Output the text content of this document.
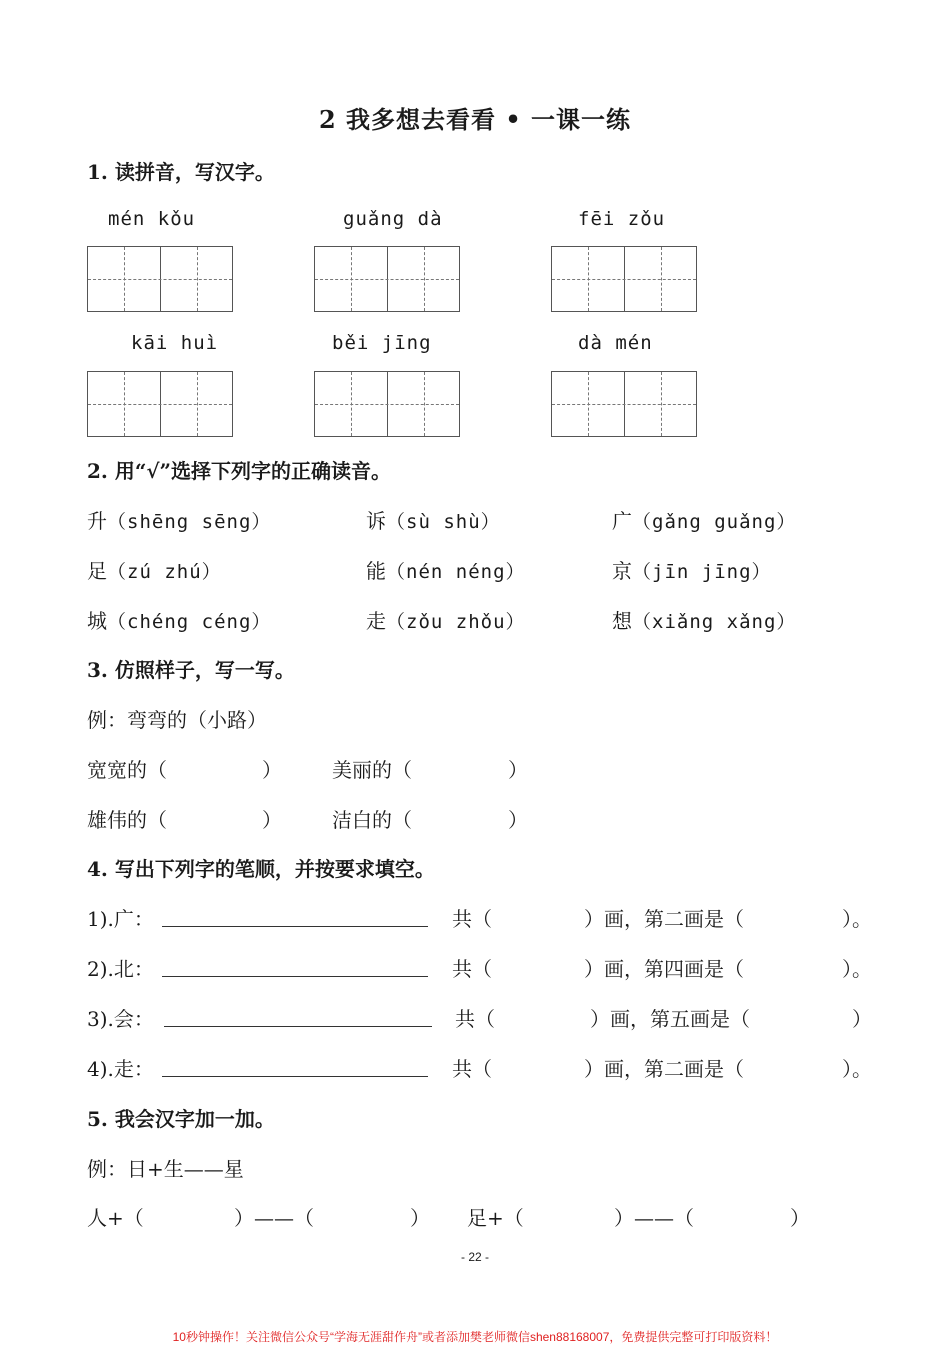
2 我多想去看看 • 一课一练
1. 读拼音，写汉字。
mén kǒu	guǎng dà	fēi zǒu
kāi huì	běi jīng	dà mén
2. 用“√”选择下列字的正确读音。
升（shēng sēng）	诉（sù shù）	广（gǎng guǎng）
足（zú zhú）	能（nén néng）	京（jīn jīng）
城（chéng céng）	走（zǒu zhǒu）	想（xiǎng xǎng）
3. 仿照样子，写一写。
例：弯弯的（小路）
宽宽的（	）	美丽的（	）
雄伟的（	）	洁白的（	）
4. 写出下列字的笔顺，并按要求填空。
1).广：	共（	）画，第二画是（	）。
2).北：	共（	）画，第四画是（	）。
3).会：	共（	）画，第五画是（	）
4).走：	共（	）画，第二画是（	）。
5. 我会汉字加一加。
例：日+生——星
人+（	）——（	） 足+（	）——（	）
- 22 -
10秒钟操作！关注微信公众号“学海无涯甜作舟”或者添加樊老师微信shen88168007，免费提供完整可打印版资料！
